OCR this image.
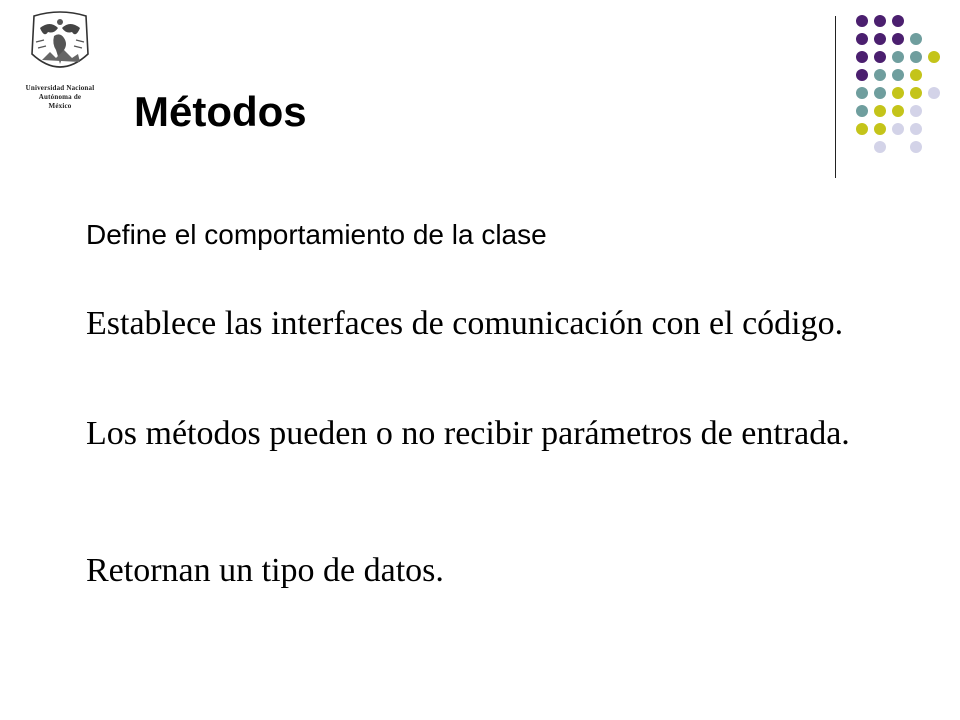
Universidad Nacional
Autónoma de
México	Métodos

Define el comportamiento de la clase

Establece las interfaces de comunicación con el código.

Los métodos pueden o no recibir parámetros de entrada.

Retornan un tipo de datos.
